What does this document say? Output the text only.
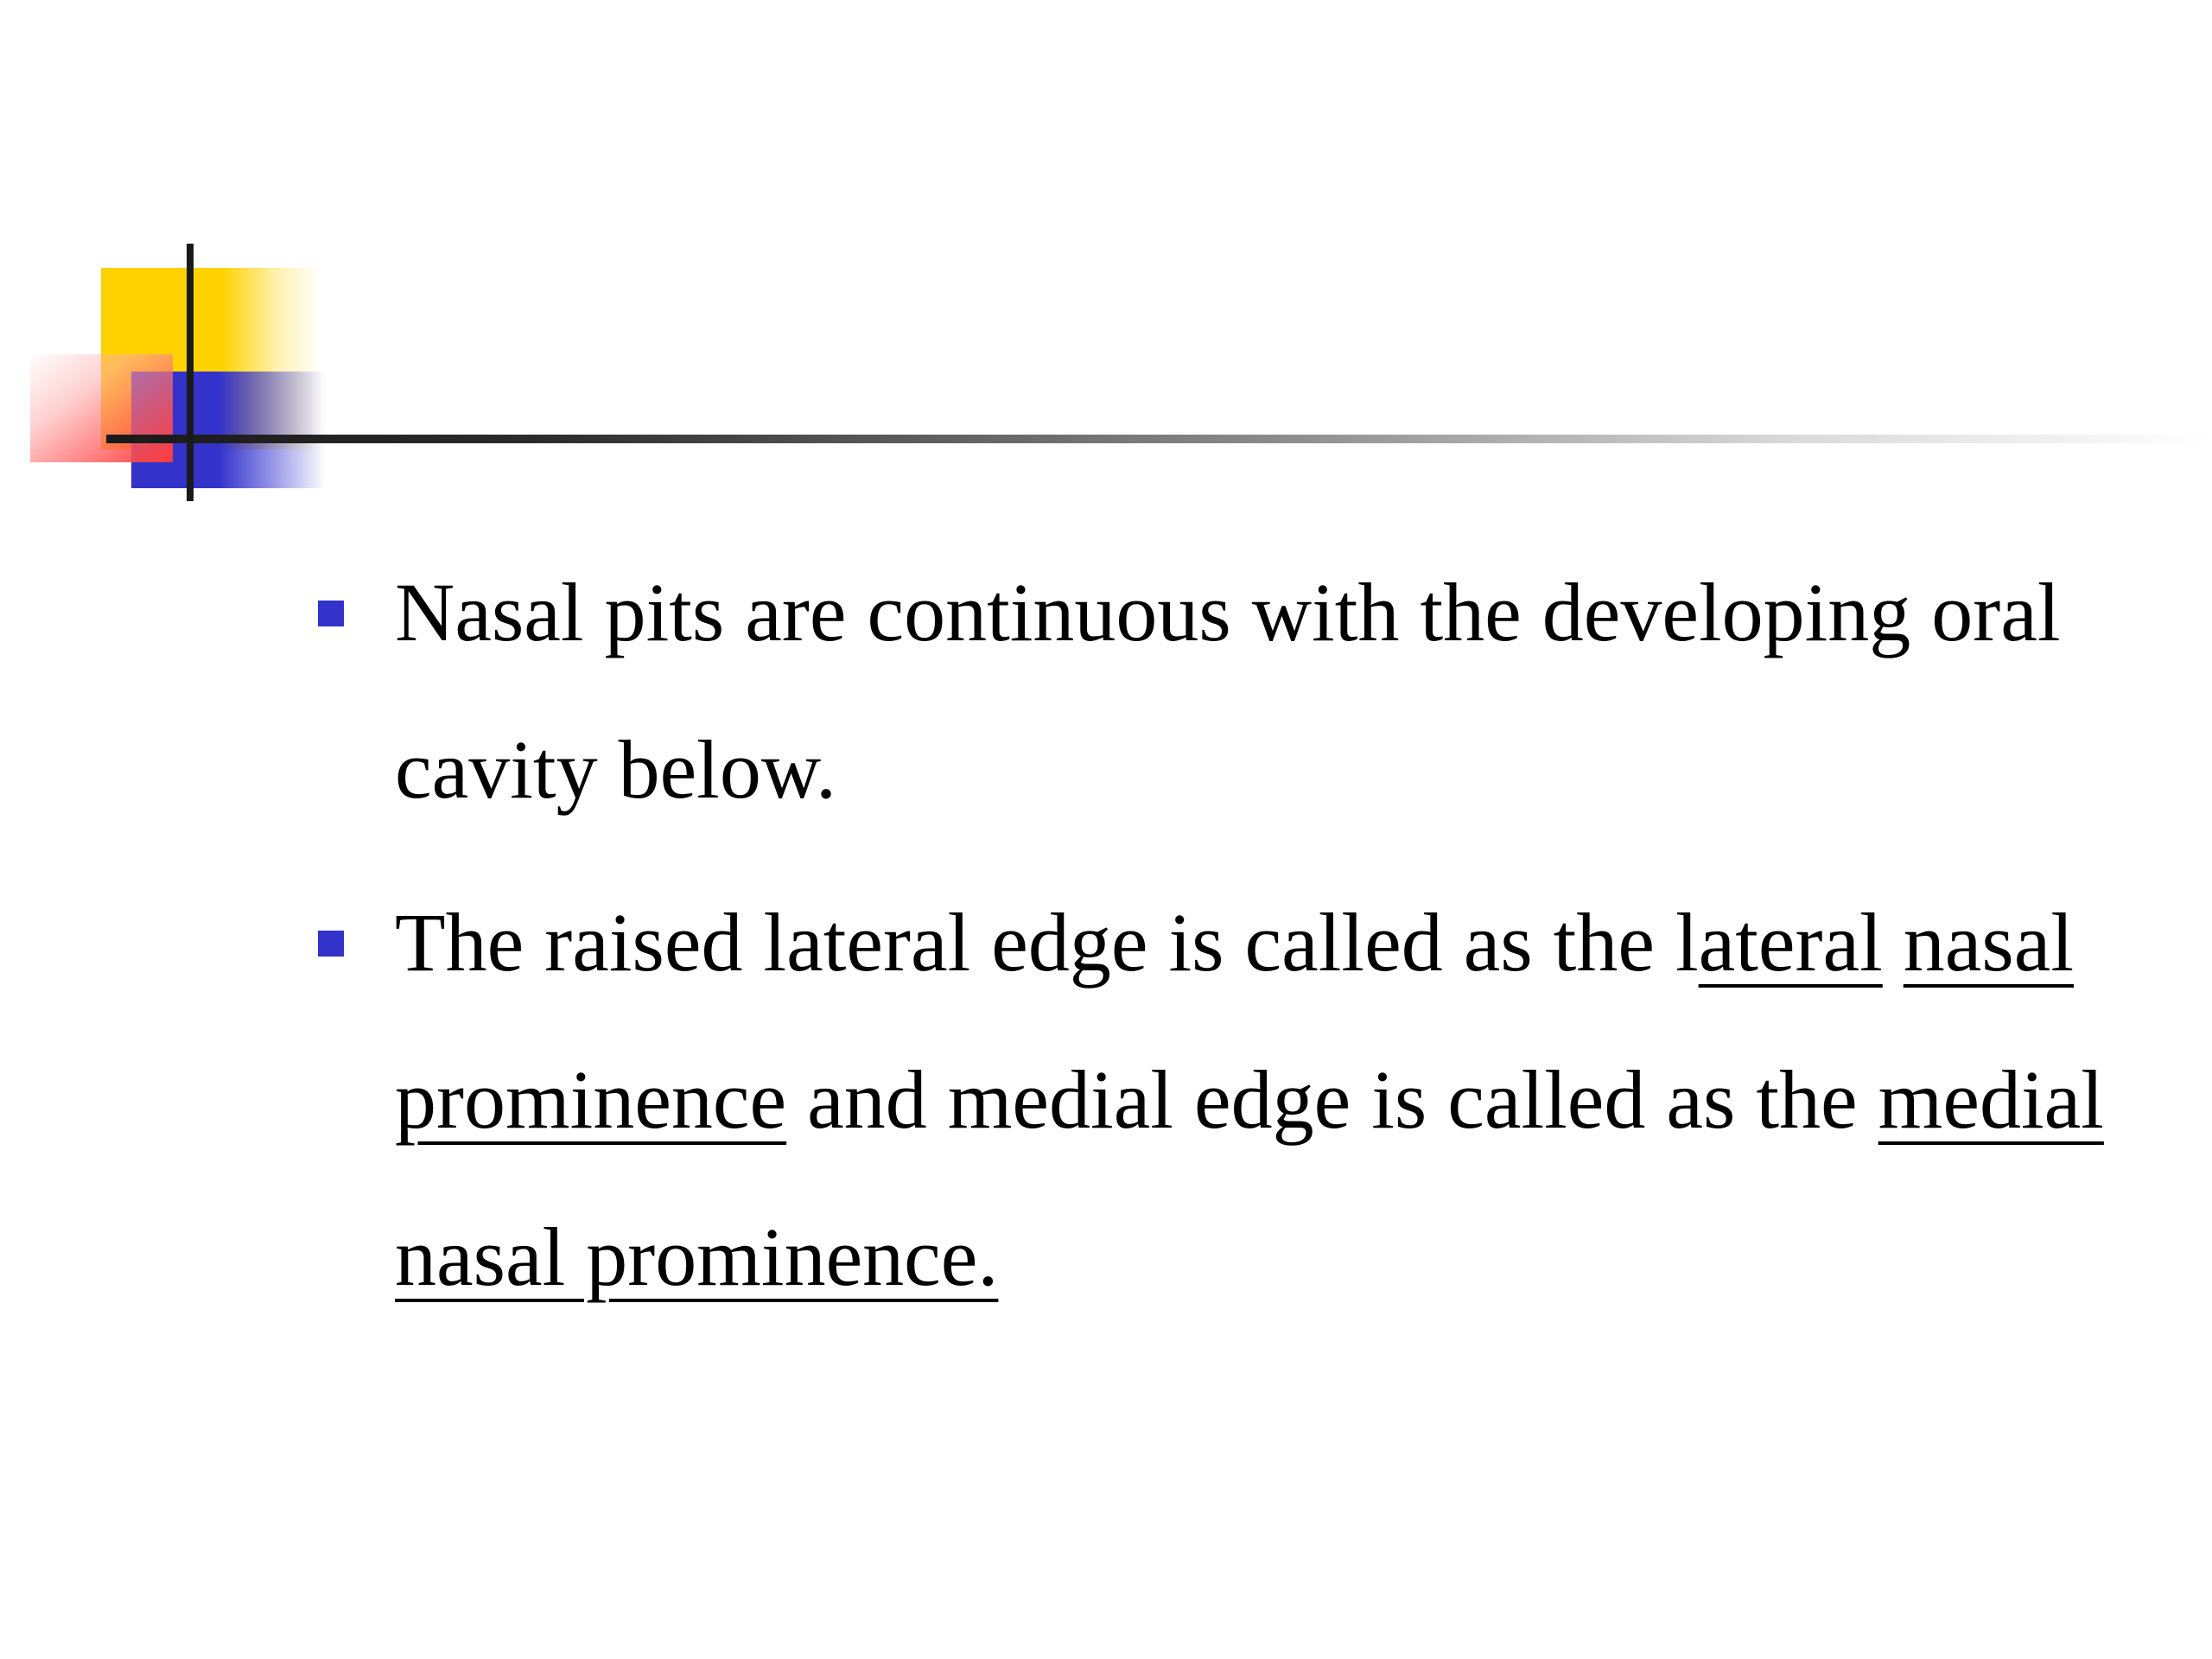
Nasal pits are continuous with the developing oral cavity below.
The raised lateral edge is called as the lateral nasal prominence and medial edge is called as the medial nasal prominence.
